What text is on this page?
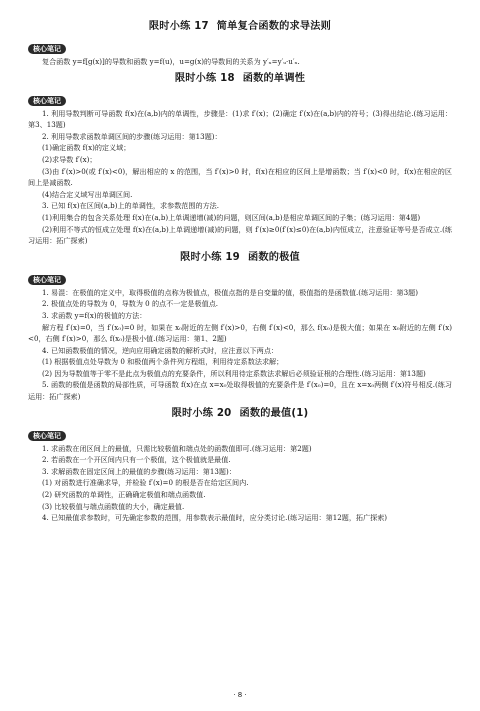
限时小练 17 简单复合函数的求导法则
核心笔记

复合函数 y=f[g(x)]的导数和函数 y=f(u)，u=g(x)的导数间的关系为 y′ₓ=y′ᵤ·u′ₓ.

限时小练 18 函数的单调性
核心笔记

1. 利用导数判断可导函数 f(x)在(a,b)内的单调性，步骤是：(1)求 f′(x)；(2)确定 f′(x)在(a,b)内的符号；(3)得出结论.(练习运用：第3、13题)

2. 利用导数求函数单调区间的步骤(练习运用：第13题)：

(1)确定函数 f(x)的定义域；

(2)求导数 f′(x)；

(3)由 f′(x)>0(或 f′(x)<0)，解出相应的 x 的范围，当 f′(x)>0 时，f(x)在相应的区间上是增函数；当 f′(x)<0 时，f(x)在相应的区间上是减函数.

(4)结合定义域写出单调区间.

3. 已知 f(x)在区间(a,b)上的单调性，求参数范围的方法.

(1)利用集合的包含关系处理 f(x)在(a,b)上单调递增(减)的问题，则区间(a,b)是相应单调区间的子集；(练习运用：第4题)

(2)利用不等式的恒成立处理 f(x)在(a,b)上单调递增(减)的问题，则 f′(x)≥0(f′(x)≤0)在(a,b)内恒成立，注意验证等号是否成立.(练习运用：拓广探索)

限时小练 19 函数的极值
核心笔记

1. 易混：在极值的定义中，取得极值的点称为极值点，极值点指的是自变量的值，极值指的是函数值.(练习运用：第3题)

2. 极值点处的导数为 0，导数为 0 的点不一定是极值点.

3. 求函数 y=f(x)的极值的方法：

解方程 f′(x)=0，当 f′(x₀)=0 时，如果在 x₀附近的左侧 f′(x)>0，右侧 f′(x)<0，那么 f(x₀)是极大值；如果在 x₀附近的左侧 f′(x)<0，右侧 f′(x)>0，那么 f(x₀)是极小值.(练习运用：第1、2题)

4. 已知函数极值的情况，逆向应用确定函数的解析式时，应注意以下两点：

(1) 根据极值点处导数为 0 和极值两个条件列方程组，利用待定系数法求解；

(2) 因为导数值等于零不是此点为极值点的充要条件，所以利用待定系数法求解后必须验证根的合理性.(练习运用：第13题)

5. 函数的极值是函数的局部性质，可导函数 f(x)在点 x=x₀处取得极值的充要条件是 f′(x₀)=0，且在 x=x₀两侧 f′(x)符号相反.(练习运用：拓广探索)

限时小练 20 函数的最值(1)
核心笔记

1. 求函数在闭区间上的最值，只需比较极值和端点处的函数值即可.(练习运用：第2题)

2. 若函数在一个开区间内只有一个极值，这个极值就是最值.

3. 求解函数在固定区间上的最值的步骤(练习运用：第13题)：

(1) 对函数进行准确求导，并检验 f′(x)=0 的根是否在给定区间内.

(2) 研究函数的单调性，正确确定极值和端点函数值.

(3) 比较极值与端点函数值的大小，确定最值.

4. 已知最值求参数时，可先确定参数的范围，用参数表示最值时，应分类讨论.(练习运用：第12题，拓广探索)

· 8 ·
